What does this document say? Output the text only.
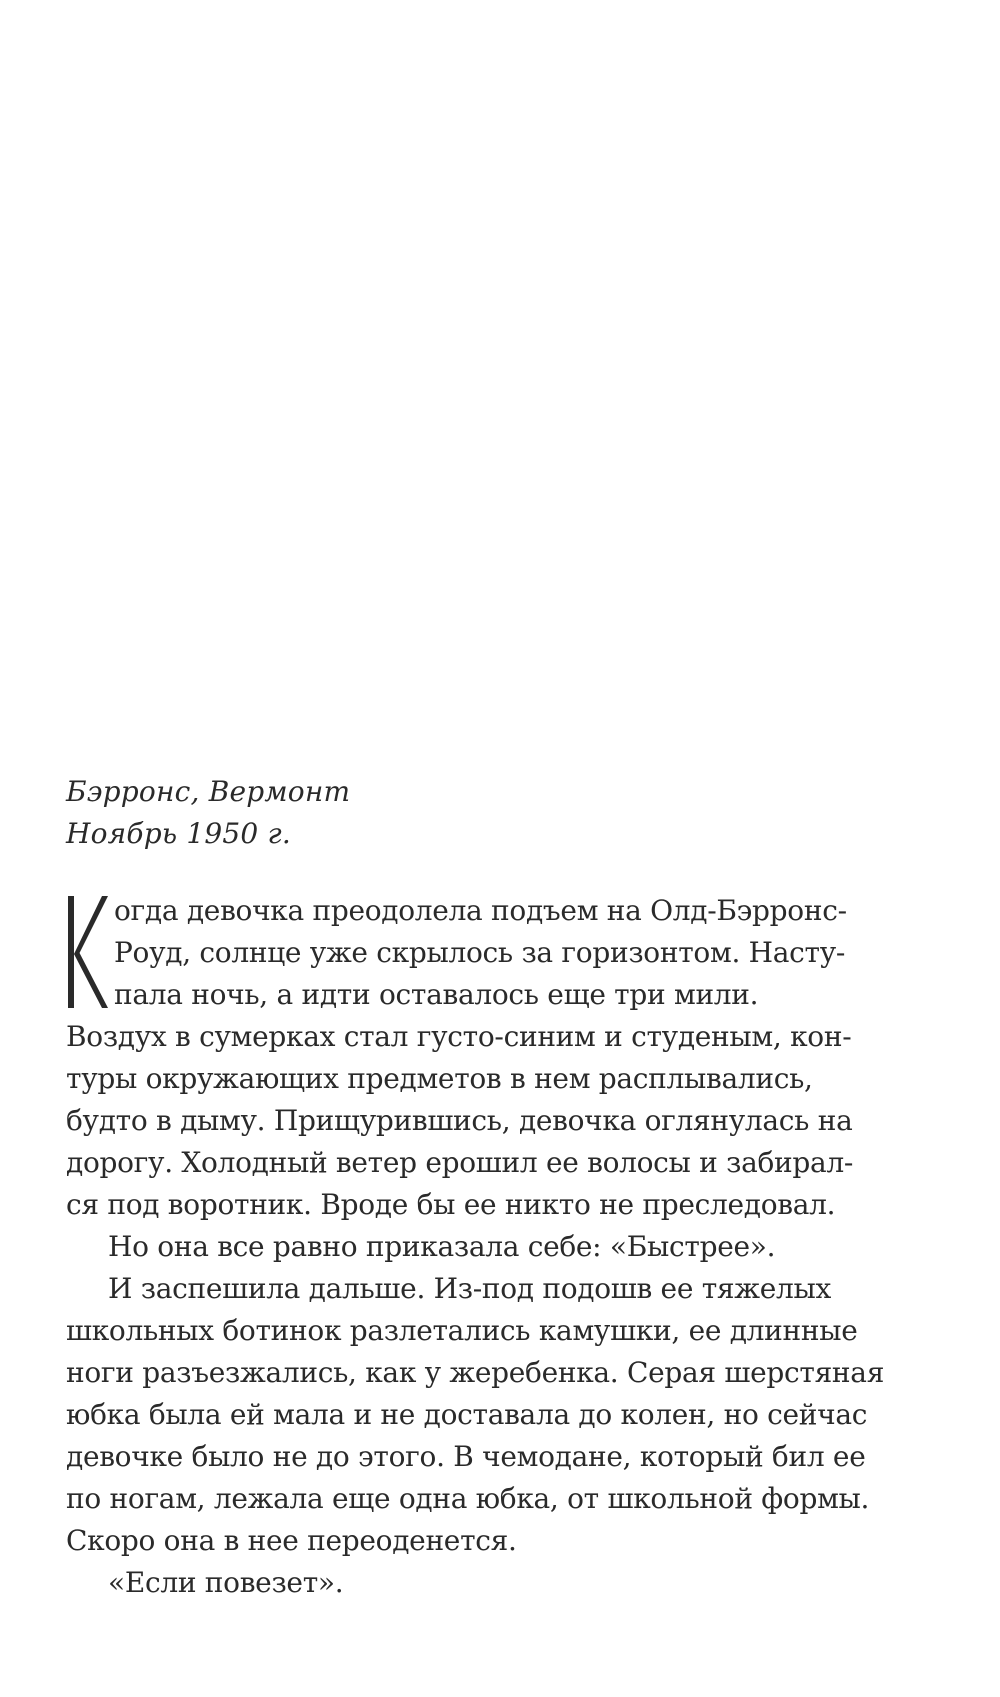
Бэрронс, Вермонт
Ноябрь 1950 г.
огда девочка преодолела подъем на Олд-Бэрронс-
Роуд, солнце уже скрылось за горизонтом. Насту-
пала ночь, а идти оставалось еще три мили.
Воздух в сумерках стал густо-синим и студеным, кон-
туры окружающих предметов в нем расплывались,
будто в дыму. Прищурившись, девочка оглянулась на
дорогу. Холодный ветер ерошил ее волосы и забирал-
ся под воротник. Вроде бы ее никто не преследовал.
Но она все равно приказала себе: «Быстрее».
И заспешила дальше. Из-под подошв ее тяжелых
школьных ботинок разлетались камушки, ее длинные
ноги разъезжались, как у жеребенка. Серая шерстяная
юбка была ей мала и не доставала до колен, но сейчас
девочке было не до этого. В чемодане, который бил ее
по ногам, лежала еще одна юбка, от школьной формы.
Скоро она в нее переоденется.
«Если повезет».
